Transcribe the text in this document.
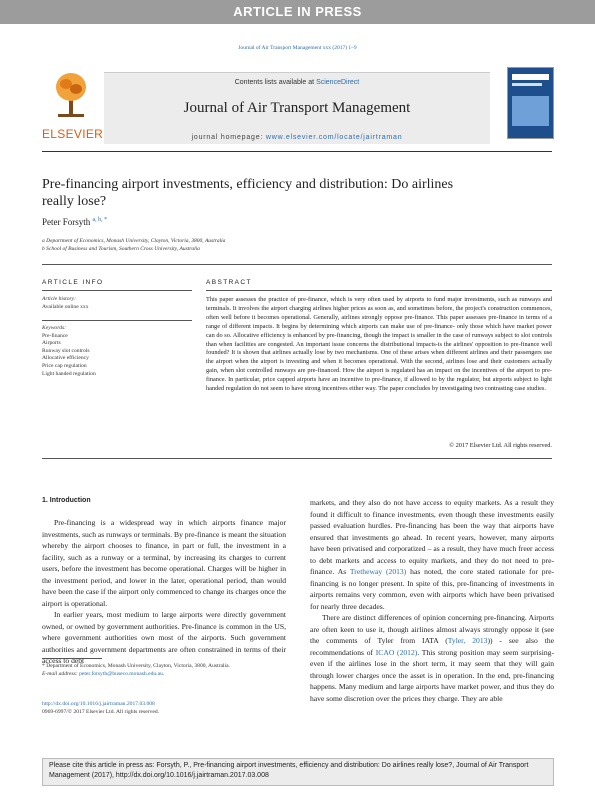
ARTICLE IN PRESS
Journal of Air Transport Management xxx (2017) 1–9
ELSEVIER
Contents lists available at ScienceDirect
Journal of Air Transport Management
journal homepage: www.elsevier.com/locate/jairtraman
Pre-financing airport investments, efficiency and distribution: Do airlines really lose?
Peter Forsyth $^{a, b, *}$
a Department of Economics, Monash University, Clayton, Victoria, 3800, Australia
b School of Business and Tourism, Southern Cross University, Australia
ARTICLE INFO	ABSTRACT
Article history:
Available online xxx
Keywords:
Pre-finance
Airports
Runway slot controls
Allocative efficiency
Price cap regulation
Light handed regulation
This paper assesses the practice of pre-finance, which is very often used by airports to fund major investments, such as runways and terminals. It involves the airport charging airlines higher prices as soon as, and sometimes before, the project's construction commences, often well before it becomes operational. Generally, airlines strongly oppose pre-finance. This paper assesses pre-finance in terms of a range of different impacts. It begins by determining which airports can make use of pre-finance- only those which have market power can do so. Allocative efficiency is enhanced by pre-financing, though the impact is smaller in the case of runways subject to slot controls than when facilities are congested. An important issue concerns the distributional impacts-is the airlines' opposition to pre-finance well founded? It is shown that airlines actually lose by two mechanisms. One of these arises when different airlines and their passengers use the airport when the airport is investing and when it becomes operational. With the second, airlines lose and their customers actually gain, when slot controlled runways are pre-financed. How the airport is regulated has an impact on the incentives of the airport to pre-finance. In particular, price capped airports have an incentive to pre-finance, if allowed to by the regulator, but airports subject to light handed regulation do not seem to have strong incentives either way. The paper concludes by investigating two contrasting case studies.
© 2017 Elsevier Ltd. All rights reserved.
1. Introduction

Pre-financing is a widespread way in which airports finance major investments, such as runways or terminals. By pre-finance is meant the situation whereby the airport chooses to finance, in part or full, the investment in a facility, such as a runway or a terminal, by increasing its charges to current users, before the investment has become operational. Charges will be higher in the investment period, and lower in the later, operational period, than would have been the case if the airport only commenced to change its charges once the airport is operational.

In earlier years, most medium to large airports were directly government owned, or owned by government authorities. Pre-finance is common in the US, where government authorities own most of the airports. Such government authorities and government departments are often constrained in terms of their access to debt

markets, and they also do not have access to equity markets. As a result they found it difficult to finance investments, even though these investments easily passed evaluation hurdles. Pre-financing has been the way that airports have ensured that investments go ahead. In recent years, however, many airports have been privatised and corporatized – as a result, they have much freer access to debt markets and access to equity markets, and they do not need to pre-finance. As Tretheway (2013) has noted, the core stated rationale for pre-financing is no longer present. In spite of this, pre-financing of investments in airports remains very common, even with airports which have been privatised for nearly three decades.

There are distinct differences of opinion concerning pre-financing. Airports are often keen to use it, though airlines almost always strongly oppose it (see the comments of Tyler from IATA (Tyler, 2013)) - see also the recommendations of ICAO (2012). This strong position may seem surprising-even if the airlines lose in the short term, it may seem that they will gain through lower charges once the asset is in operation. In the end, pre-financing happens. Many medium and large airports have market power, and thus they do have some discretion over the prices they charge. They are able

* Department of Economics, Monash University, Clayton, Victoria, 3800, Australia.
E-mail address: peter.forsyth@buseco.monash.edu.au.
http://dx.doi.org/10.1016/j.jairtraman.2017.03.008
0969-6997/© 2017 Elsevier Ltd. All rights reserved.
Please cite this article in press as: Forsyth, P., Pre-financing airport investments, efficiency and distribution: Do airlines really lose?, Journal of Air Transport Management (2017), http://dx.doi.org/10.1016/j.jairtraman.2017.03.008
